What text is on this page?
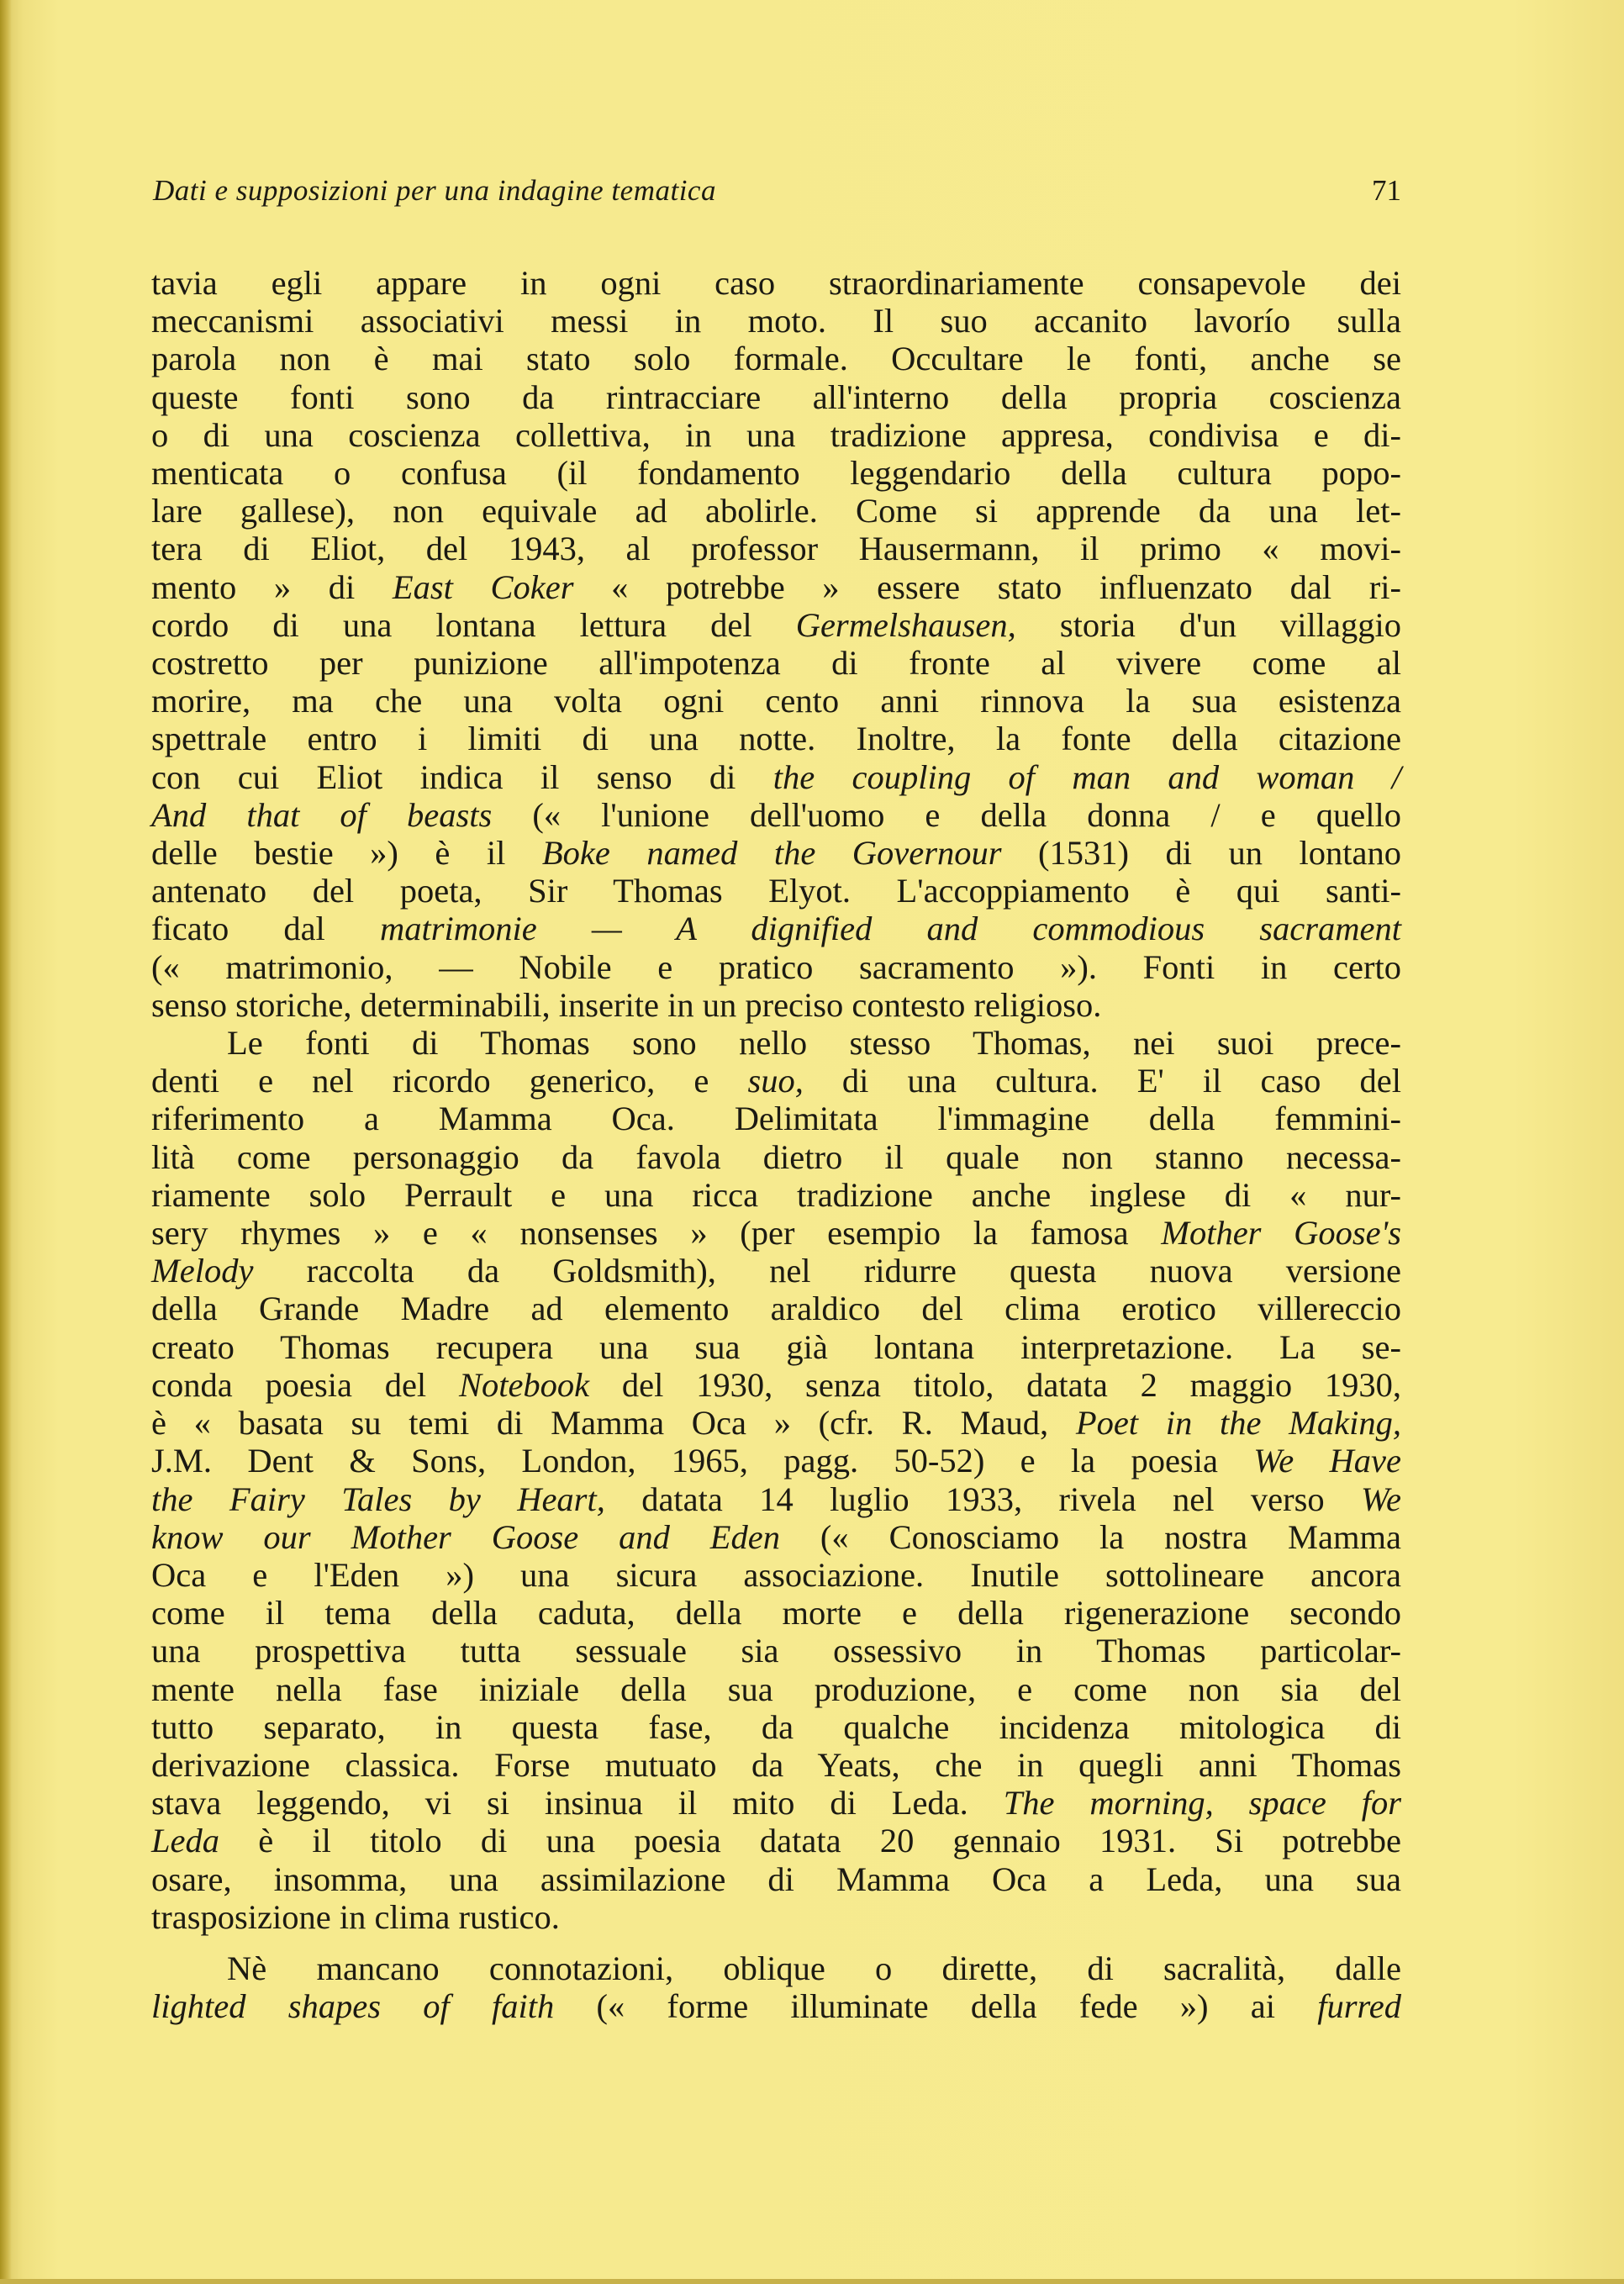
Dati e supposizioni per una indagine tematica	71
tavia egli appare in ogni caso straordinariamente consapevole dei
meccanismi associativi messi in moto. Il suo accanito lavorío sulla
parola non è mai stato solo formale. Occultare le fonti, anche se
queste fonti sono da rintracciare all'interno della propria coscienza
o di una coscienza collettiva, in una tradizione appresa, condivisa e di-
menticata o confusa (il fondamento leggendario della cultura popo-
lare gallese), non equivale ad abolirle. Come si apprende da una let-
tera di Eliot, del 1943, al professor Hausermann, il primo « movi-
mento » di East Coker « potrebbe » essere stato influenzato dal ri-
cordo di una lontana lettura del Germelshausen, storia d'un villaggio
costretto per punizione all'impotenza di fronte al vivere come al
morire, ma che una volta ogni cento anni rinnova la sua esistenza
spettrale entro i limiti di una notte. Inoltre, la fonte della citazione
con cui Eliot indica il senso di the coupling of man and woman /
And that of beasts (« l'unione dell'uomo e della donna / e quello
delle bestie ») è il Boke named the Governour (1531) di un lontano
antenato del poeta, Sir Thomas Elyot. L'accoppiamento è qui santi-
ficato dal matrimonie — A dignified and commodious sacrament
(« matrimonio, — Nobile e pratico sacramento »). Fonti in certo
senso storiche, determinabili, inserite in un preciso contesto religioso.
Le fonti di Thomas sono nello stesso Thomas, nei suoi prece-
denti e nel ricordo generico, e suo, di una cultura. E' il caso del
riferimento a Mamma Oca. Delimitata l'immagine della femmini-
lità come personaggio da favola dietro il quale non stanno necessa-
riamente solo Perrault e una ricca tradizione anche inglese di « nur-
sery rhymes » e « nonsenses » (per esempio la famosa Mother Goose's
Melody raccolta da Goldsmith), nel ridurre questa nuova versione
della Grande Madre ad elemento araldico del clima erotico villereccio
creato Thomas recupera una sua già lontana interpretazione. La se-
conda poesia del Notebook del 1930, senza titolo, datata 2 maggio 1930,
è « basata su temi di Mamma Oca » (cfr. R. Maud, Poet in the Making,
J.M. Dent & Sons, London, 1965, pagg. 50-52) e la poesia We Have
the Fairy Tales by Heart, datata 14 luglio 1933, rivela nel verso We
know our Mother Goose and Eden (« Conosciamo la nostra Mamma
Oca e l'Eden ») una sicura associazione. Inutile sottolineare ancora
come il tema della caduta, della morte e della rigenerazione secondo
una prospettiva tutta sessuale sia ossessivo in Thomas particolar-
mente nella fase iniziale della sua produzione, e come non sia del
tutto separato, in questa fase, da qualche incidenza mitologica di
derivazione classica. Forse mutuato da Yeats, che in quegli anni Thomas
stava leggendo, vi si insinua il mito di Leda. The morning, space for
Leda è il titolo di una poesia datata 20 gennaio 1931. Si potrebbe
osare, insomma, una assimilazione di Mamma Oca a Leda, una sua
trasposizione in clima rustico.
Nè mancano connotazioni, oblique o dirette, di sacralità, dalle
lighted shapes of faith (« forme illuminate della fede ») ai furred
